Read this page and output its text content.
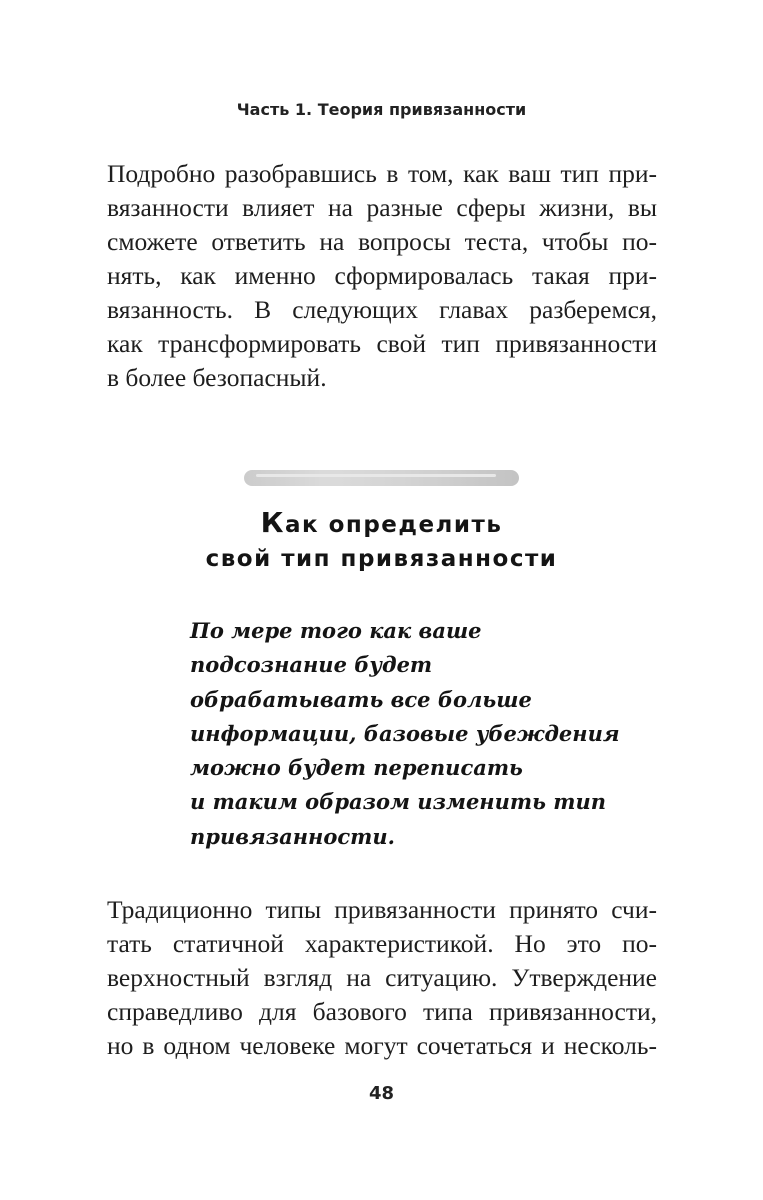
Часть 1. Теория привязанности
Подробно разобравшись в том, как ваш тип при-
вязанности влияет на разные сферы жизни, вы
сможете ответить на вопросы теста, чтобы по-
нять, как именно сформировалась такая при-
вязанность. В следующих главах разберемся,
как трансформировать свой тип привязанности
в более безопасный.
Как определить
свой тип привязанности
По мере того как ваше
подсознание будет
обрабатывать все больше
информации, базовые убеждения
можно будет переписать
и таким образом изменить тип
привязанности.
Традиционно типы привязанности принято счи-
тать статичной характеристикой. Но это по-
верхностный взгляд на ситуацию. Утверждение
справедливо для базового типа привязанности,
но в одном человеке могут сочетаться и несколь-
48
